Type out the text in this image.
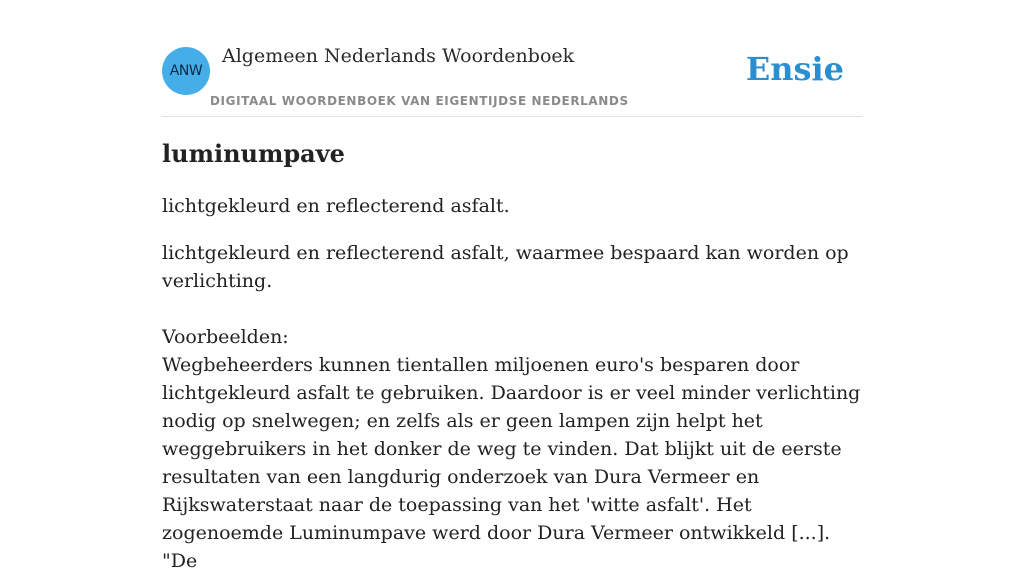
ANW
Algemeen Nederlands Woordenboek
DIGITAAL WOORDENBOEK VAN EIGENTIJDSE NEDERLANDS
Ensie
luminumpave

lichtgekleurd en reflecterend asfalt.

lichtgekleurd en reflecterend asfalt, waarmee bespaard kan worden op verlichting.

Voorbeelden:

Wegbeheerders kunnen tientallen miljoenen euro's besparen door lichtgekleurd asfalt te gebruiken. Daardoor is er veel minder verlichting nodig op snelwegen; en zelfs als er geen lampen zijn helpt het weggebruikers in het donker de weg te vinden. Dat blijkt uit de eerste resultaten van een langdurig onderzoek van Dura Vermeer en Rijkswaterstaat naar de toepassing van het 'witte asfalt'. Het zogenoemde Luminumpave werd door Dura Vermeer ontwikkeld [...]. "De
